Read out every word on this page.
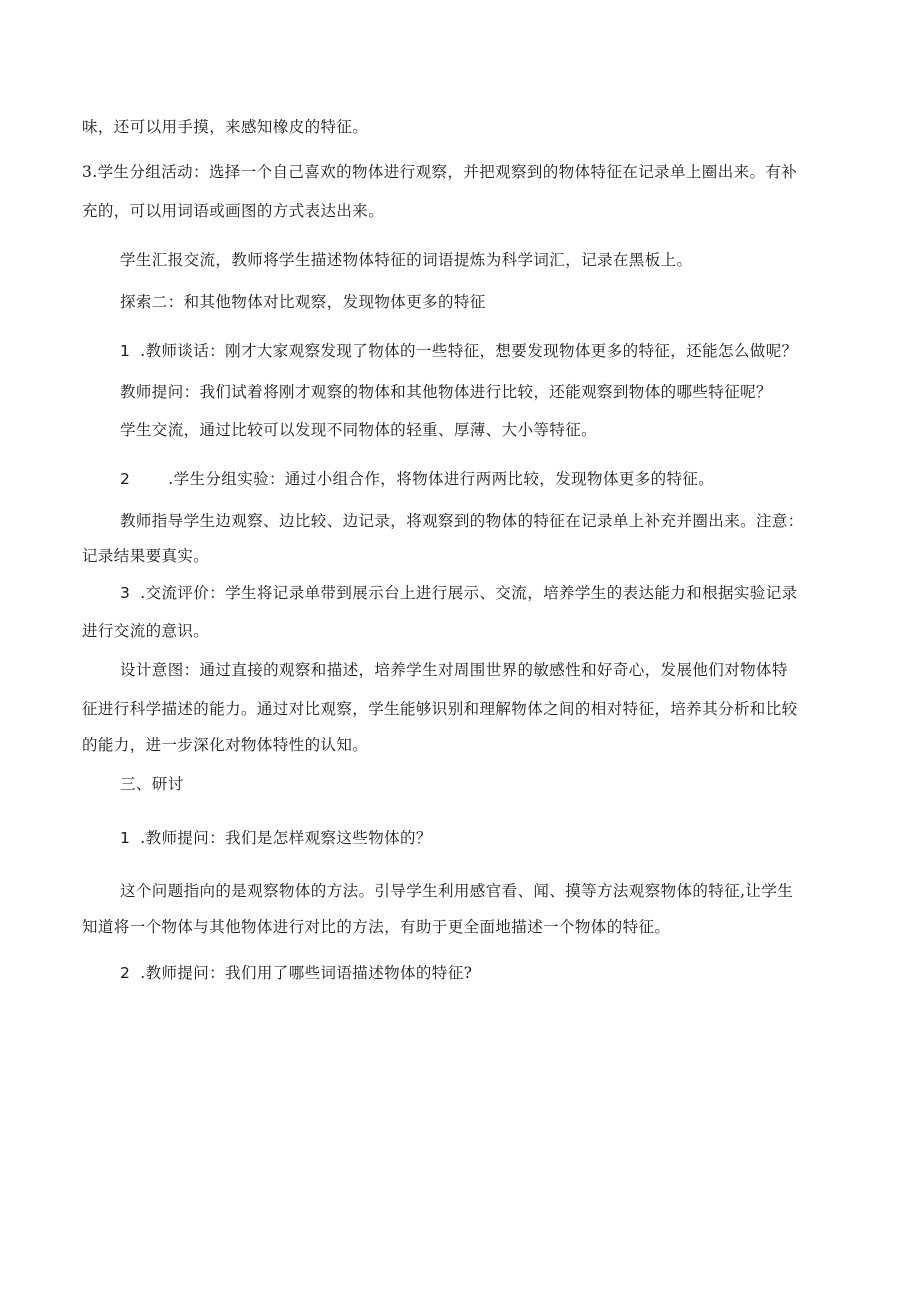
味，还可以用手摸，来感知橡皮的特征。
3.学生分组活动：选择一个自己喜欢的物体进行观察，并把观察到的物体特征在记录单上圈出来。有补
充的，可以用词语或画图的方式表达出来。
学生汇报交流，教师将学生描述物体特征的词语提炼为科学词汇，记录在黑板上。
探索二：和其他物体对比观察，发现物体更多的特征
1 .教师谈话：刚才大家观察发现了物体的一些特征，想要发现物体更多的特征，还能怎么做呢？
教师提问：我们试着将刚才观察的物体和其他物体进行比较，还能观察到物体的哪些特征呢？
学生交流，通过比较可以发现不同物体的轻重、厚薄、大小等特征。
2 .学生分组实验：通过小组合作，将物体进行两两比较，发现物体更多的特征。
教师指导学生边观察、边比较、边记录，将观察到的物体的特征在记录单上补充并圈出来。注意：
记录结果要真实。
3 .交流评价：学生将记录单带到展示台上进行展示、交流，培养学生的表达能力和根据实验记录
进行交流的意识。
设计意图：通过直接的观察和描述，培养学生对周围世界的敏感性和好奇心，发展他们对物体特
征进行科学描述的能力。通过对比观察，学生能够识别和理解物体之间的相对特征，培养其分析和比较
的能力，进一步深化对物体特性的认知。
三、研讨
1 .教师提问：我们是怎样观察这些物体的？
这个问题指向的是观察物体的方法。引导学生利用感官看、闻、摸等方法观察物体的特征,让学生
知道将一个物体与其他物体进行对比的方法，有助于更全面地描述一个物体的特征。
2 .教师提问：我们用了哪些词语描述物体的特征?
